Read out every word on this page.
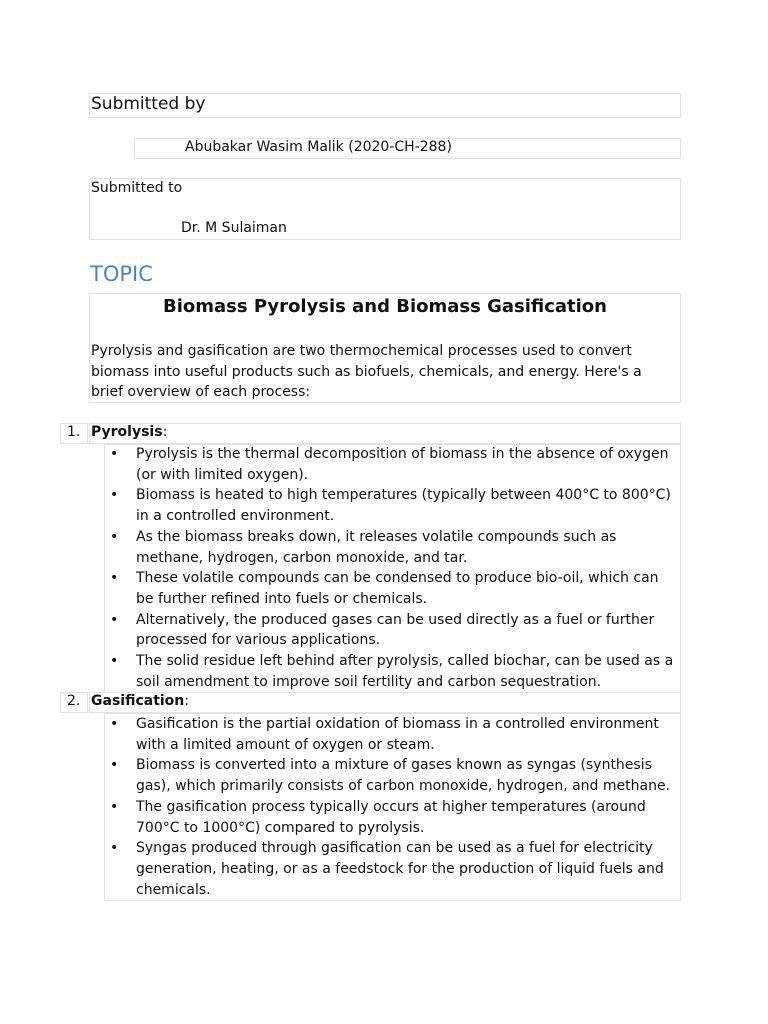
Submitted by
Abubakar Wasim Malik (2020-CH-288)
Submitted to
Dr. M Sulaiman
TOPIC
Biomass Pyrolysis and Biomass Gasification
Pyrolysis and gasification are two thermochemical processes used to convert biomass into useful products such as biofuels, chemicals, and energy. Here's a brief overview of each process:
1. Pyrolysis:
• Pyrolysis is the thermal decomposition of biomass in the absence of oxygen (or with limited oxygen).
• Biomass is heated to high temperatures (typically between 400°C to 800°C) in a controlled environment.
• As the biomass breaks down, it releases volatile compounds such as methane, hydrogen, carbon monoxide, and tar.
• These volatile compounds can be condensed to produce bio-oil, which can be further refined into fuels or chemicals.
• Alternatively, the produced gases can be used directly as a fuel or further processed for various applications.
• The solid residue left behind after pyrolysis, called biochar, can be used as a soil amendment to improve soil fertility and carbon sequestration.
2. Gasification:
• Gasification is the partial oxidation of biomass in a controlled environment with a limited amount of oxygen or steam.
• Biomass is converted into a mixture of gases known as syngas (synthesis gas), which primarily consists of carbon monoxide, hydrogen, and methane.
• The gasification process typically occurs at higher temperatures (around 700°C to 1000°C) compared to pyrolysis.
• Syngas produced through gasification can be used as a fuel for electricity generation, heating, or as a feedstock for the production of liquid fuels and chemicals.
